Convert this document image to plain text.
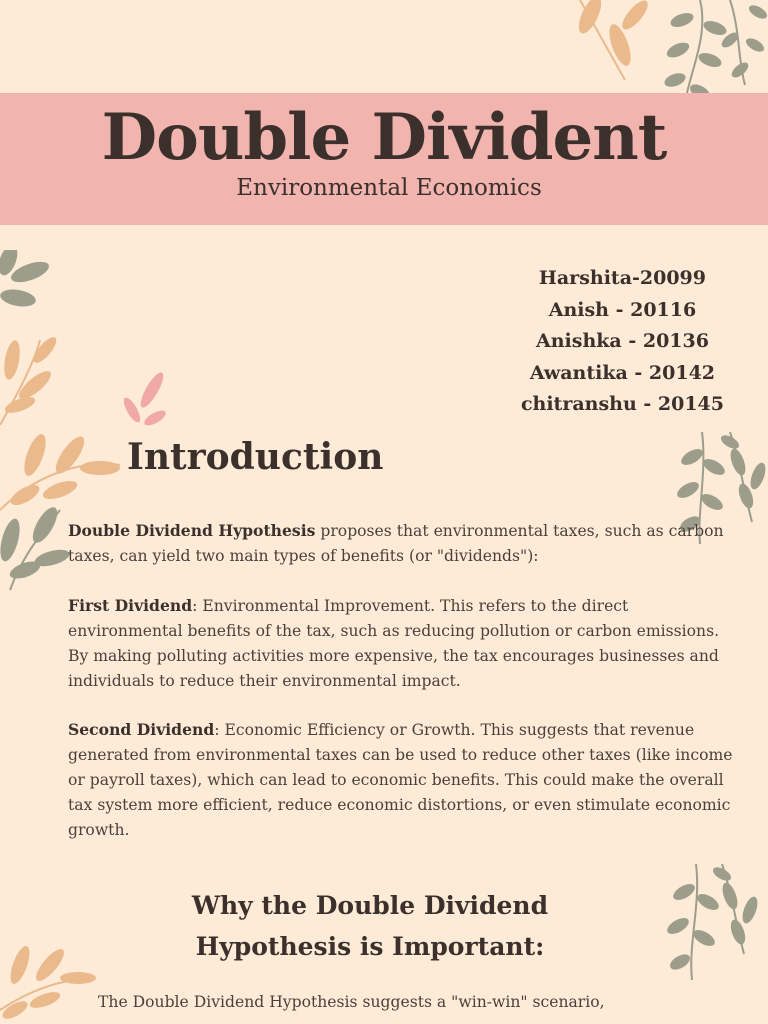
Double Divident
Environmental Economics
Harshita-20099
Anish - 20116
Anishka - 20136
Awantika - 20142
chitranshu - 20145
Introduction
Double Dividend Hypothesis proposes that environmental taxes, such as carbon taxes, can yield two main types of benefits (or "dividends"):
First Dividend: Environmental Improvement. This refers to the direct environmental benefits of the tax, such as reducing pollution or carbon emissions. By making polluting activities more expensive, the tax encourages businesses and individuals to reduce their environmental impact.
Second Dividend: Economic Efficiency or Growth. This suggests that revenue generated from environmental taxes can be used to reduce other taxes (like income or payroll taxes), which can lead to economic benefits. This could make the overall tax system more efficient, reduce economic distortions, or even stimulate economic growth.
Why the Double Dividend
Hypothesis is Important:
The Double Dividend Hypothesis suggests a "win-win" scenario,
